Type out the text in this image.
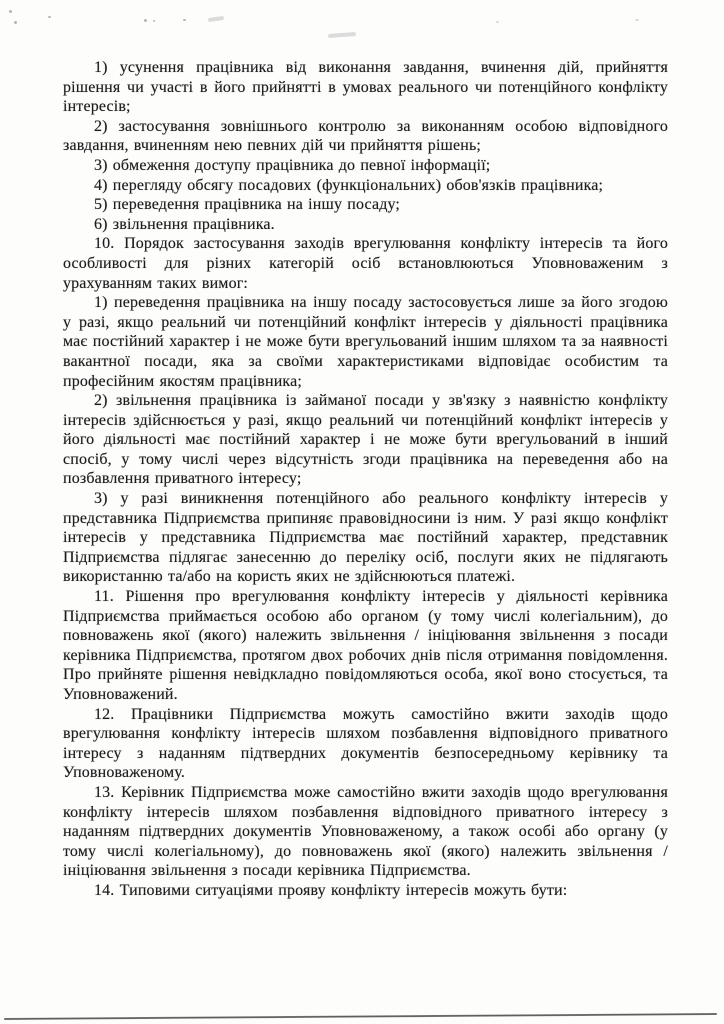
1) усунення працівника від виконання завдання, вчинення дій, прийняття рішення чи участі в його прийнятті в умовах реального чи потенційного конфлікту інтересів;

2) застосування зовнішнього контролю за виконанням особою відповідного завдання, вчиненням нею певних дій чи прийняття рішень;

3) обмеження доступу працівника до певної інформації;

4) перегляду обсягу посадових (функціональних) обов'язків працівника;

5) переведення працівника на іншу посаду;

6) звільнення працівника.

10. Порядок застосування заходів врегулювання конфлікту інтересів та його особливості для різних категорій осіб встановлюються Уповноваженим з урахуванням таких вимог:

1) переведення працівника на іншу посаду застосовується лише за його згодою у разі, якщо реальний чи потенційний конфлікт інтересів у діяльності працівника має постійний характер і не може бути врегульований іншим шляхом та за наявності вакантної посади, яка за своїми характеристиками відповідає особистим та професійним якостям працівника;

2) звільнення працівника із займаної посади у зв'язку з наявністю конфлікту інтересів здійснюється у разі, якщо реальний чи потенційний конфлікт інтересів у його діяльності має постійний характер і не може бути врегульований в інший спосіб, у тому числі через відсутність згоди працівника на переведення або на позбавлення приватного інтересу;

3) у разі виникнення потенційного або реального конфлікту інтересів у представника Підприємства припиняє правовідносини із ним. У разі якщо конфлікт інтересів у представника Підприємства має постійний характер, представник Підприємства підлягає занесенню до переліку осіб, послуги яких не підлягають використанню та/або на користь яких не здійснюються платежі.

11. Рішення про врегулювання конфлікту інтересів у діяльності керівника Підприємства приймається особою або органом (у тому числі колегіальним), до повноважень якої (якого) належить звільнення / ініціювання звільнення з посади керівника Підприємства, протягом двох робочих днів після отримання повідомлення. Про прийняте рішення невідкладно повідомляються особа, якої воно стосується, та Уповноважений.

12. Працівники Підприємства можуть самостійно вжити заходів щодо врегулювання конфлікту інтересів шляхом позбавлення відповідного приватного інтересу з наданням підтвердних документів безпосередньому керівнику та Уповноваженому.

13. Керівник Підприємства може самостійно вжити заходів щодо врегулювання конфлікту інтересів шляхом позбавлення відповідного приватного інтересу з наданням підтвердних документів Уповноваженому, а також особі або органу (у тому числі колегіальному), до повноважень якої (якого) належить звільнення / ініціювання звільнення з посади керівника Підприємства.

14. Типовими ситуаціями прояву конфлікту інтересів можуть бути:
